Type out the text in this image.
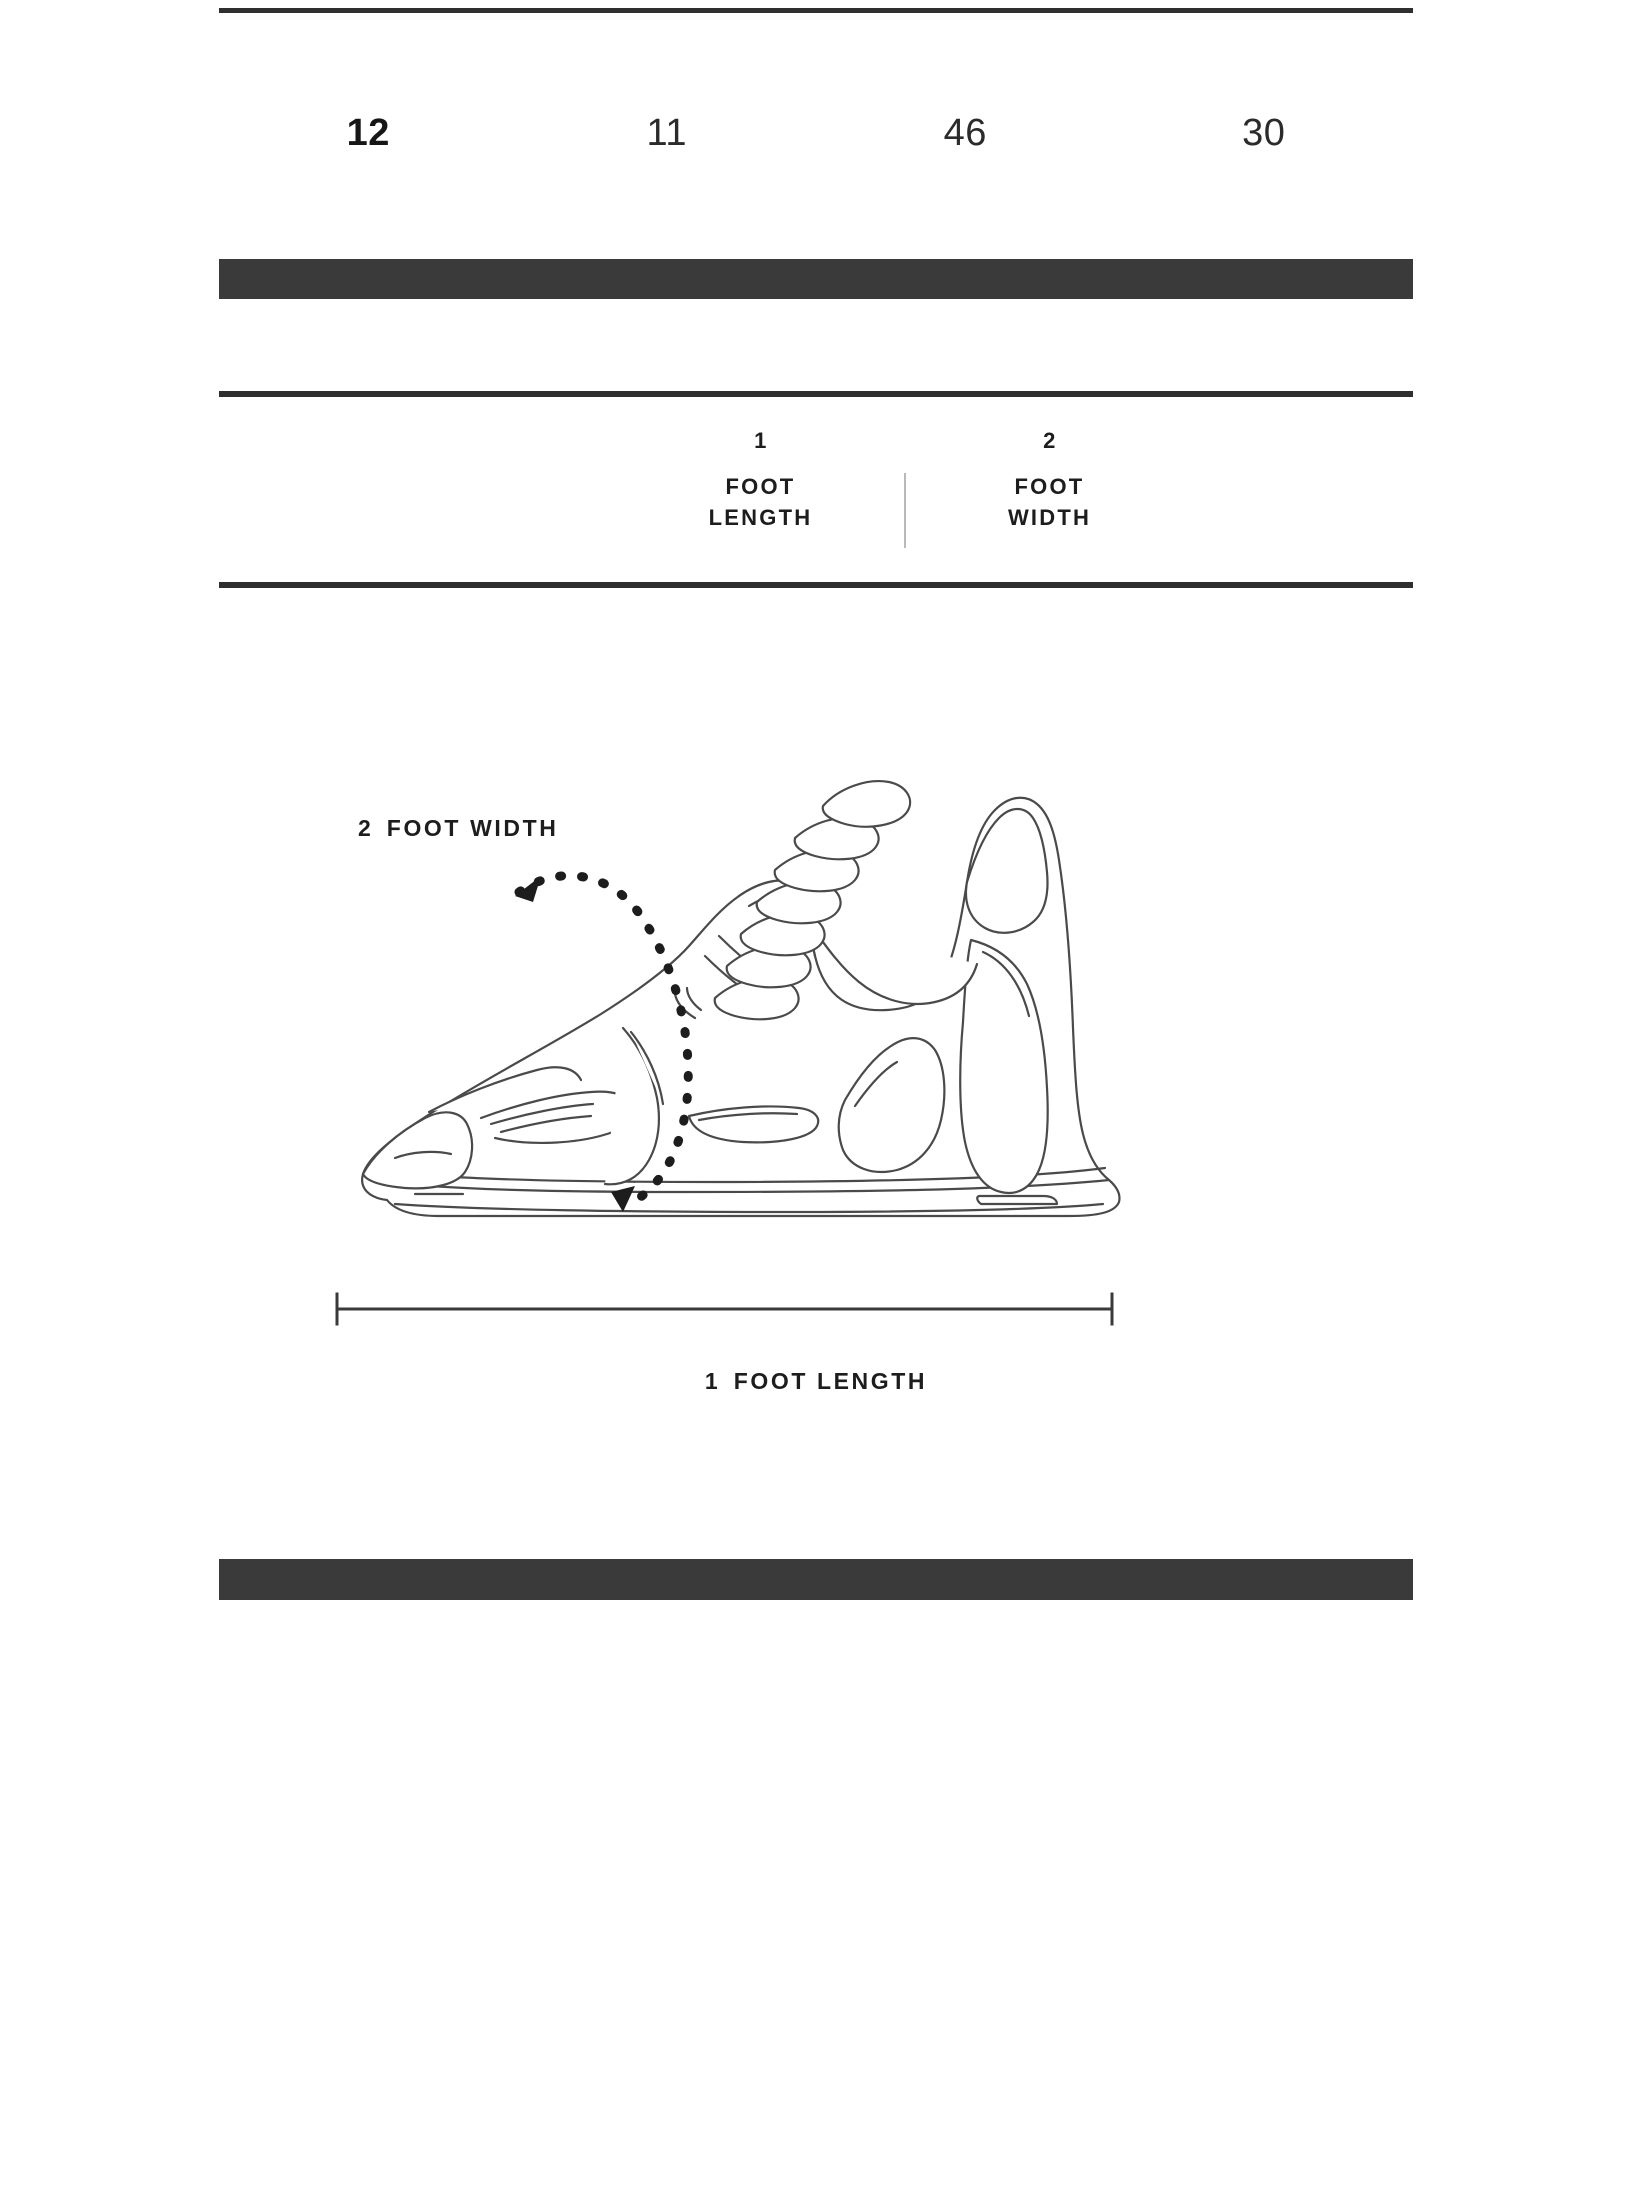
12	11	46	30
1
FOOT
LENGTH
2
FOOT
WIDTH
2 FOOT WIDTH
1 FOOT LENGTH
